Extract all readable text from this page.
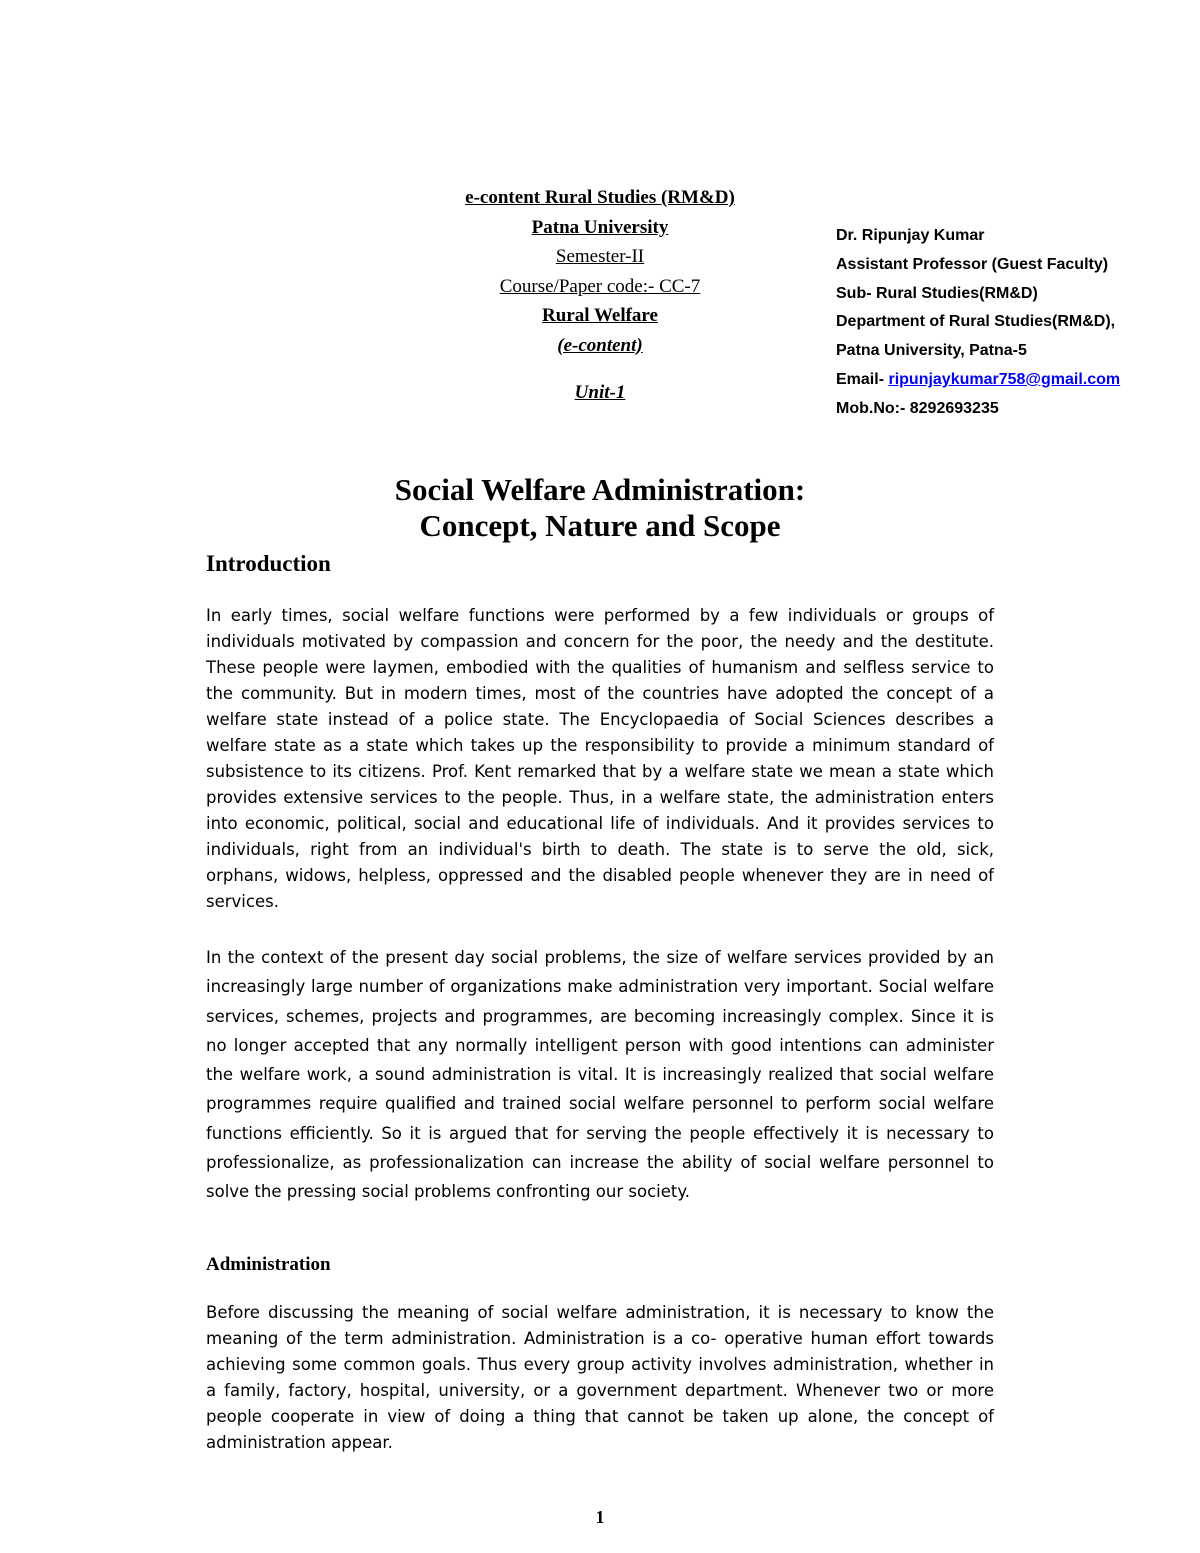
e-content Rural Studies (RM&D)
Patna University
Semester-II
Course/Paper code:- CC-7
Rural Welfare
(e-content)
Unit-1
Dr. Ripunjay Kumar
Assistant Professor (Guest Faculty)
Sub- Rural Studies(RM&D)
Department of Rural Studies(RM&D),
Patna University, Patna-5
Email- ripunjaykumar758@gmail.com
Mob.No:- 8292693235
Social Welfare Administration:
Concept, Nature and Scope
Introduction

In early times, social welfare functions were performed by a few individuals or groups of individuals motivated by compassion and concern for the poor, the needy and the destitute. These people were laymen, embodied with the qualities of humanism and selfless service to the community. But in modern times, most of the countries have adopted the concept of a welfare state instead of a police state. The Encyclopaedia of Social Sciences describes a welfare state as a state which takes up the responsibility to provide a minimum standard of subsistence to its citizens. Prof. Kent remarked that by a welfare state we mean a state which provides extensive services to the people. Thus, in a welfare state, the administration enters into economic, political, social and educational life of individuals. And it provides services to individuals, right from an individual's birth to death. The state is to serve the old, sick, orphans, widows, helpless, oppressed and the disabled people whenever they are in need of services.

In the context of the present day social problems, the size of welfare services provided by an increasingly large number of organizations make administration very important. Social welfare services, schemes, projects and programmes, are becoming increasingly complex. Since it is no longer accepted that any normally intelligent person with good intentions can administer the welfare work, a sound administration is vital. It is increasingly realized that social welfare programmes require qualified and trained social welfare personnel to perform social welfare functions efficiently. So it is argued that for serving the people effectively it is necessary to professionalize, as professionalization can increase the ability of social welfare personnel to solve the pressing social problems confronting our society.

Administration

Before discussing the meaning of social welfare administration, it is necessary to know the meaning of the term administration. Administration is a co- operative human effort towards achieving some common goals. Thus every group activity involves administration, whether in a family, factory, hospital, university, or a government department. Whenever two or more people cooperate in view of doing a thing that cannot be taken up alone, the concept of administration appear.

1
